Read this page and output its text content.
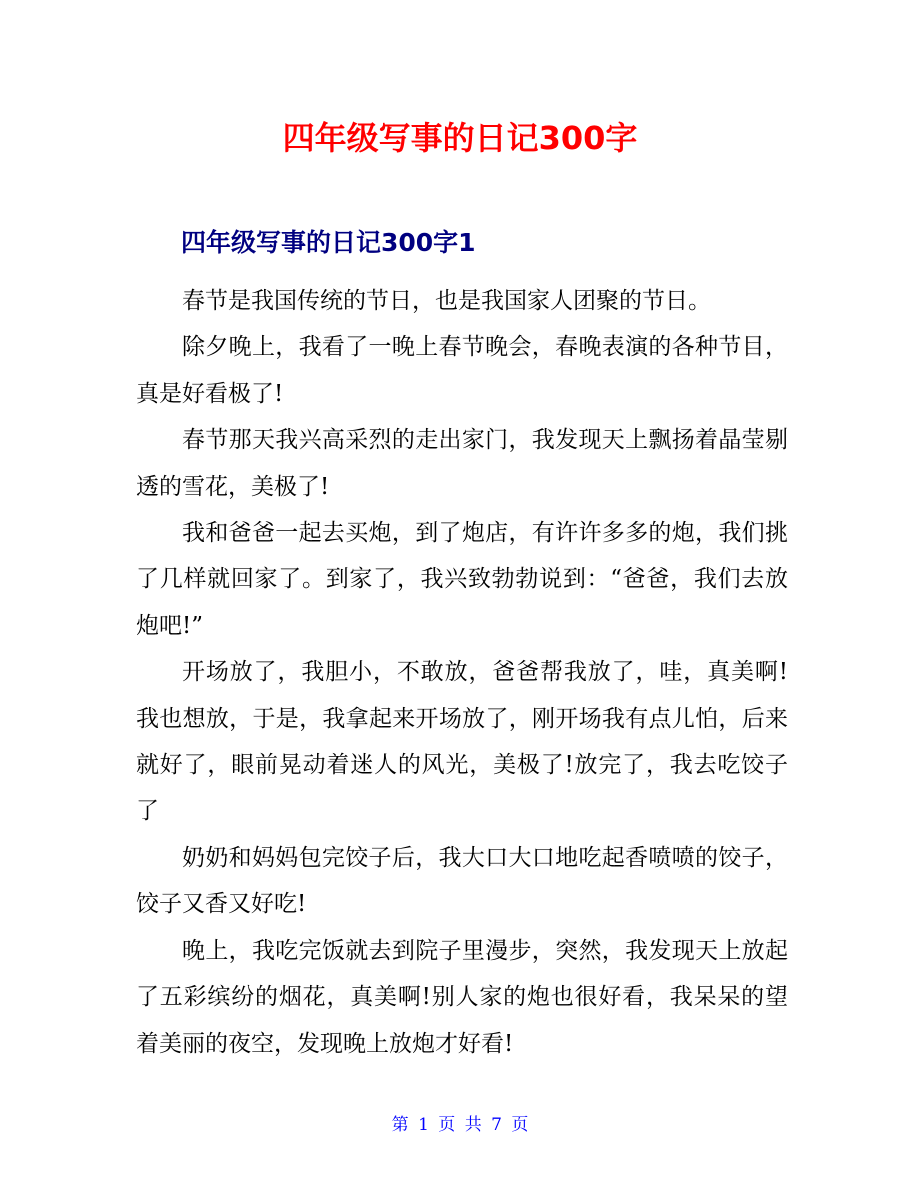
四年级写事的日记300字
四年级写事的日记300字1

春节是我国传统的节日，也是我国家人团聚的节日。

除夕晚上，我看了一晚上春节晚会，春晚表演的各种节目，真是好看极了!

春节那天我兴高采烈的走出家门，我发现天上飘扬着晶莹剔透的雪花，美极了!

我和爸爸一起去买炮，到了炮店，有许许多多的炮，我们挑了几样就回家了。到家了，我兴致勃勃说到：“爸爸，我们去放炮吧!”

开场放了，我胆小，不敢放，爸爸帮我放了，哇，真美啊!我也想放，于是，我拿起来开场放了，刚开场我有点儿怕，后来就好了，眼前晃动着迷人的风光，美极了!放完了，我去吃饺子了

奶奶和妈妈包完饺子后，我大口大口地吃起香喷喷的饺子，饺子又香又好吃!

晚上，我吃完饭就去到院子里漫步，突然，我发现天上放起了五彩缤纷的烟花，真美啊!别人家的炮也很好看，我呆呆的望着美丽的夜空，发现晚上放炮才好看!

第 1 页 共 7 页
